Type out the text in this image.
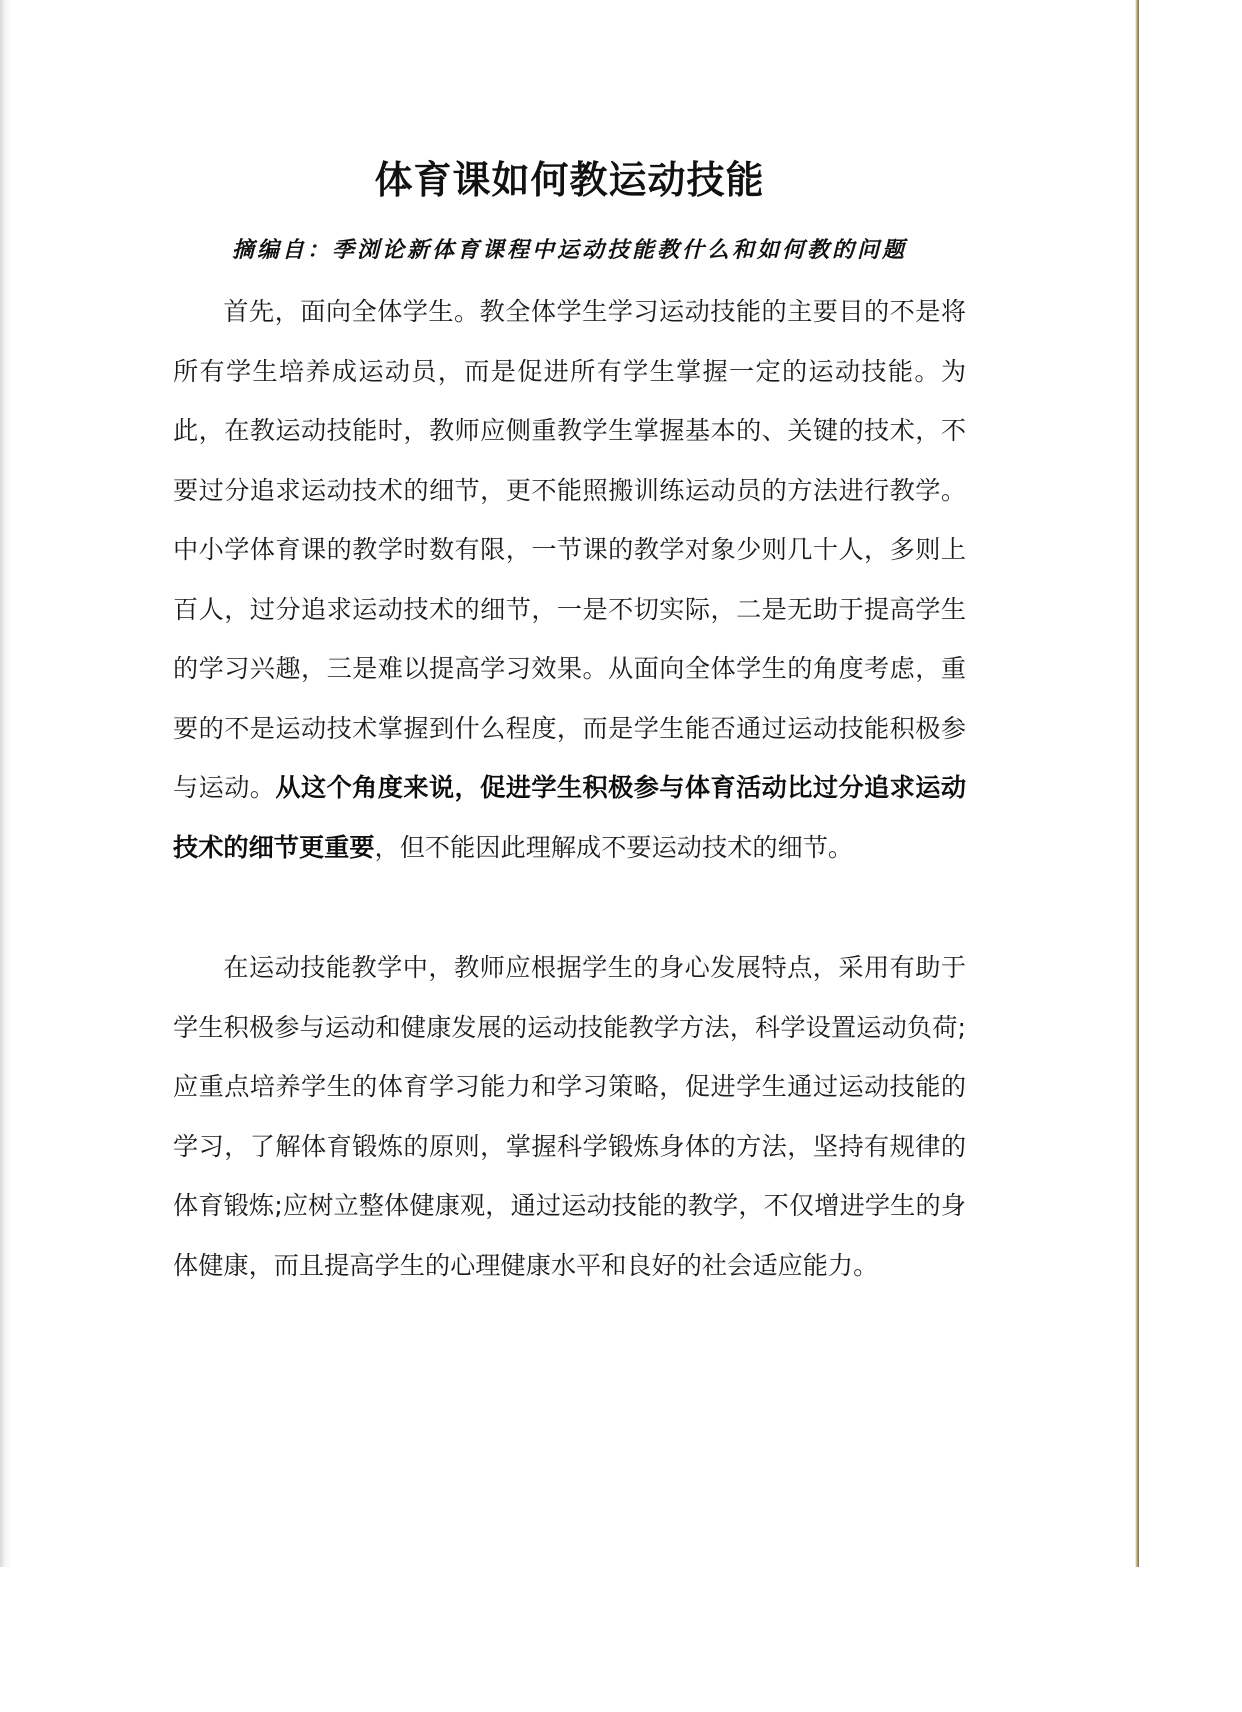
体育课如何教运动技能
摘编自：季浏论新体育课程中运动技能教什么和如何教的问题

首先，面向全体学生。教全体学生学习运动技能的主要目的不是将所有学生培养成运动员，而是促进所有学生掌握一定的运动技能。为此，在教运动技能时，教师应侧重教学生掌握基本的、关键的技术，不要过分追求运动技术的细节，更不能照搬训练运动员的方法进行教学。中小学体育课的教学时数有限，一节课的教学对象少则几十人，多则上百人，过分追求运动技术的细节，一是不切实际，二是无助于提高学生的学习兴趣，三是难以提高学习效果。从面向全体学生的角度考虑，重要的不是运动技术掌握到什么程度，而是学生能否通过运动技能积极参与运动。从这个角度来说，促进学生积极参与体育活动比过分追求运动技术的细节更重要，但不能因此理解成不要运动技术的细节。

在运动技能教学中，教师应根据学生的身心发展特点，采用有助于学生积极参与运动和健康发展的运动技能教学方法，科学设置运动负荷;应重点培养学生的体育学习能力和学习策略，促进学生通过运动技能的学习，了解体育锻炼的原则，掌握科学锻炼身体的方法，坚持有规律的体育锻炼;应树立整体健康观，通过运动技能的教学，不仅增进学生的身体健康，而且提高学生的心理健康水平和良好的社会适应能力。
